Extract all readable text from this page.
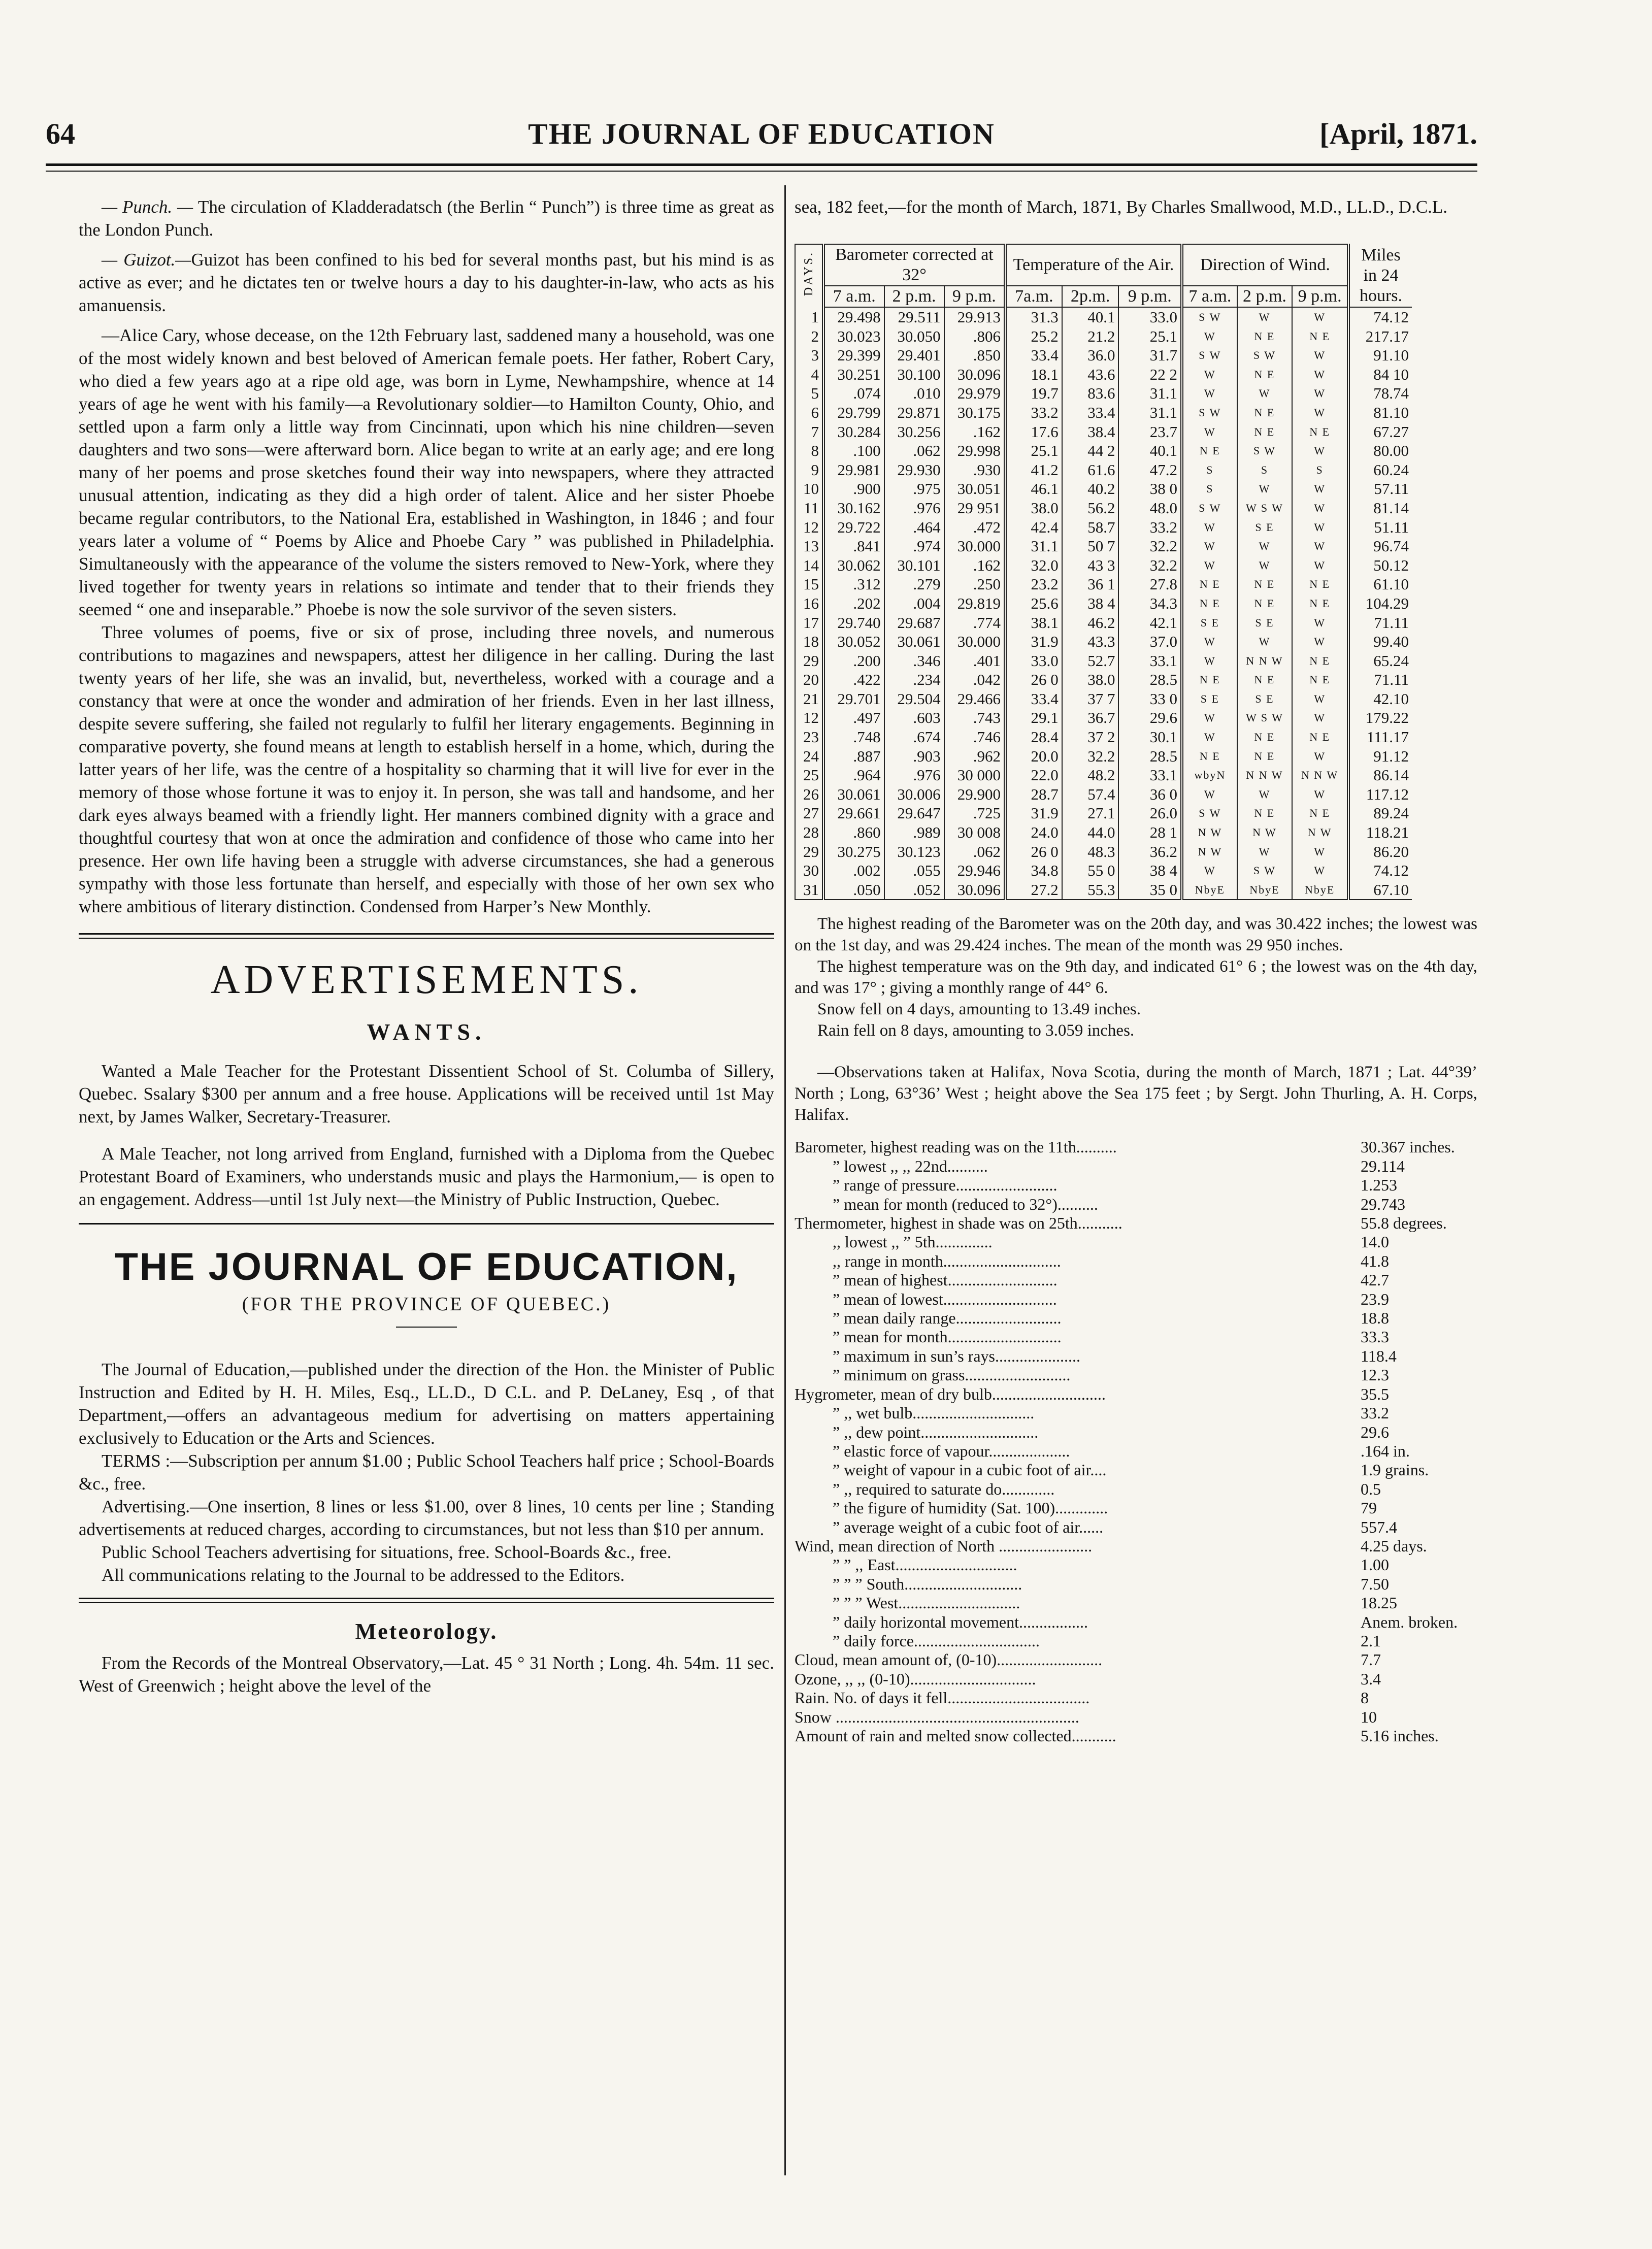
64	THE JOURNAL OF EDUCATION	[April, 1871.

— Punch. — The circulation of Kladderadatsch (the Berlin “ Punch”) is three time as great as the London Punch.

— Guizot.—Guizot has been confined to his bed for several months past, but his mind is as active as ever; and he dictates ten or twelve hours a day to his daughter-in-law, who acts as his amanuensis.

—Alice Cary, whose decease, on the 12th February last, saddened many a household, was one of the most widely known and best beloved of American female poets. Her father, Robert Cary, who died a few years ago at a ripe old age, was born in Lyme, Newhampshire, whence at 14 years of age he went with his family—a Revolutionary soldier—to Hamilton County, Ohio, and settled upon a farm only a little way from Cincinnati, upon which his nine children—seven daughters and two sons—were afterward born. Alice began to write at an early age; and ere long many of her poems and prose sketches found their way into newspapers, where they attracted unusual attention, indicating as they did a high order of talent. Alice and her sister Phoebe became regular contributors, to the National Era, established in Washington, in 1846 ; and four years later a volume of “ Poems by Alice and Phoebe Cary ” was published in Philadelphia. Simultaneously with the appearance of the volume the sisters removed to New-York, where they lived together for twenty years in relations so intimate and tender that to their friends they seemed “ one and inseparable.” Phoebe is now the sole survivor of the seven sisters.

Three volumes of poems, five or six of prose, including three novels, and numerous contributions to magazines and newspapers, attest her diligence in her calling. During the last twenty years of her life, she was an invalid, but, nevertheless, worked with a courage and a constancy that were at once the wonder and admiration of her friends. Even in her last illness, despite severe suffering, she failed not regularly to fulfil her literary engagements. Beginning in comparative poverty, she found means at length to establish herself in a home, which, during the latter years of her life, was the centre of a hospitality so charming that it will live for ever in the memory of those whose fortune it was to enjoy it. In person, she was tall and handsome, and her dark eyes always beamed with a friendly light. Her manners combined dignity with a grace and thoughtful courtesy that won at once the admiration and confidence of those who came into her presence. Her own life having been a struggle with adverse circumstances, she had a generous sympathy with those less fortunate than herself, and especially with those of her own sex who where ambitious of literary distinction. Condensed from Harper’s New Monthly.

ADVERTISEMENTS.
WANTS.

Wanted a Male Teacher for the Protestant Dissentient School of St. Columba of Sillery, Quebec. Ssalary $300 per annum and a free house. Applications will be received until 1st May next, by James Walker, Secretary-Treasurer.

A Male Teacher, not long arrived from England, furnished with a Diploma from the Quebec Protestant Board of Examiners, who understands music and plays the Harmonium,— is open to an engagement. Address—until 1st July next—the Ministry of Public Instruction, Quebec.

THE JOURNAL OF EDUCATION,
(FOR THE PROVINCE OF QUEBEC.)

The Journal of Education,—published under the direction of the Hon. the Minister of Public Instruction and Edited by H. H. Miles, Esq., LL.D., D C.L. and P. DeLaney, Esq , of that Department,—offers an advantageous medium for advertising on matters appertaining exclusively to Education or the Arts and Sciences.

TERMS :—Subscription per annum $1.00 ; Public School Teachers half price ; School-Boards &c., free.

Advertising.—One insertion, 8 lines or less $1.00, over 8 lines, 10 cents per line ; Standing advertisements at reduced charges, according to circumstances, but not less than $10 per annum.

Public School Teachers advertising for situations, free. School-Boards &c., free.

All communications relating to the Journal to be addressed to the Editors.

Meteorology.

From the Records of the Montreal Observatory,—Lat. 45 ° 31 North ; Long. 4h. 54m. 11 sec. West of Greenwich ; height above the level of the

sea, 182 feet,—for the month of March, 1871, By Charles Smallwood, M.D., LL.D., D.C.L.

DAYS.	Barometer corrected at 32°			Temperature of the Air.			Direction of Wind.			Miles in 24 hours.
	7 a.m.	2 p.m.	9 p.m.	7a.m.	2p.m.	9 p.m.	7 a.m.	2 p.m.	9 p.m.	
1	29.498	29.511	29.913	31.3	40.1	33.0	S W	W	W	74.12
2	30.023	30.050	.806	25.2	21.2	25.1	W	N E	N E	217.17
3	29.399	29.401	.850	33.4	36.0	31.7	S W	S W	W	91.10
4	30.251	30.100	30.096	18.1	43.6	22 2	W	N E	W	84 10
5	.074	.010	29.979	19.7	83.6	31.1	W	W	W	78.74
6	29.799	29.871	30.175	33.2	33.4	31.1	S W	N E	W	81.10
7	30.284	30.256	.162	17.6	38.4	23.7	W	N E	N E	67.27
8	.100	.062	29.998	25.1	44 2	40.1	N E	S W	W	80.00
9	29.981	29.930	.930	41.2	61.6	47.2	S	S	S	60.24
10	.900	.975	30.051	46.1	40.2	38 0	S	W	W	57.11
11	30.162	.976	29 951	38.0	56.2	48.0	S W	W S W	W	81.14
12	29.722	.464	.472	42.4	58.7	33.2	W	S E	W	51.11
13	.841	.974	30.000	31.1	50 7	32.2	W	W	W	96.74
14	30.062	30.101	.162	32.0	43 3	32.2	W	W	W	50.12
15	.312	.279	.250	23.2	36 1	27.8	N E	N E	N E	61.10
16	.202	.004	29.819	25.6	38 4	34.3	N E	N E	N E	104.29
17	29.740	29.687	.774	38.1	46.2	42.1	S E	S E	W	71.11
18	30.052	30.061	30.000	31.9	43.3	37.0	W	W	W	99.40
29	.200	.346	.401	33.0	52.7	33.1	W	N N W	N E	65.24
20	.422	.234	.042	26 0	38.0	28.5	N E	N E	N E	71.11
21	29.701	29.504	29.466	33.4	37 7	33 0	S E	S E	W	42.10
12	.497	.603	.743	29.1	36.7	29.6	W	W S W	W	179.22
23	.748	.674	.746	28.4	37 2	30.1	W	N E	N E	111.17
24	.887	.903	.962	20.0	32.2	28.5	N E	N E	W	91.12
25	.964	.976	30 000	22.0	48.2	33.1	wbyN	N N W	N N W	86.14
26	30.061	30.006	29.900	28.7	57.4	36 0	W	W	W	117.12
27	29.661	29.647	.725	31.9	27.1	26.0	S W	N E	N E	89.24
28	.860	.989	30 008	24.0	44.0	28 1	N W	N W	N W	118.21
29	30.275	30.123	.062	26 0	48.3	36.2	N W	W	W	86.20
30	.002	.055	29.946	34.8	55 0	38 4	W	S W	W	74.12
31	.050	.052	30.096	27.2	55.3	35 0	NbyE	NbyE	NbyE	67.10

The highest reading of the Barometer was on the 20th day, and was 30.422 inches; the lowest was on the 1st day, and was 29.424 inches. The mean of the month was 29 950 inches.

The highest temperature was on the 9th day, and indicated 61° 6 ; the lowest was on the 4th day, and was 17° ; giving a monthly range of 44° 6.

Snow fell on 4 days, amounting to 13.49 inches.

Rain fell on 8 days, amounting to 3.059 inches.

—Observations taken at Halifax, Nova Scotia, during the month of March, 1871 ; Lat. 44°39’ North ; Long, 63°36’ West ; height above the Sea 175 feet ; by Sergt. John Thurling, A. H. Corps, Halifax.

Barometer, highest reading was on the 11th..........	30.367 inches.
” lowest ,, ,, 22nd..........	29.114
” range of pressure.........................	1.253
” mean for month (reduced to 32°)..........	29.743
Thermometer, highest in shade was on 25th...........	55.8 degrees.
,, lowest ,, ” 5th..............	14.0
,, range in month.............................	41.8
” mean of highest...........................	42.7
” mean of lowest............................	23.9
” mean daily range..........................	18.8
” mean for month............................	33.3
” maximum in sun’s rays.....................	118.4
” minimum on grass..........................	12.3
Hygrometer, mean of dry bulb............................	35.5
” ,, wet bulb..............................	33.2
” ,, dew point.............................	29.6
” elastic force of vapour....................	.164 in.
” weight of vapour in a cubic foot of air....	1.9 grains.
” ,, required to saturate do.............	0.5
” the figure of humidity (Sat. 100).............	79
” average weight of a cubic foot of air......	557.4
Wind, mean direction of North .......................	4.25 days.
” ” ,, East..............................	1.00
” ” ” South.............................	7.50
” ” ” West..............................	18.25
” daily horizontal movement.................	Anem. broken.
” daily force...............................	2.1
Cloud, mean amount of, (0-10)..........................	7.7
Ozone, ,, ,, (0-10)...............................	3.4
Rain. No. of days it fell...................................	8
Snow ............................................................	10
Amount of rain and melted snow collected...........	5.16 inches.
